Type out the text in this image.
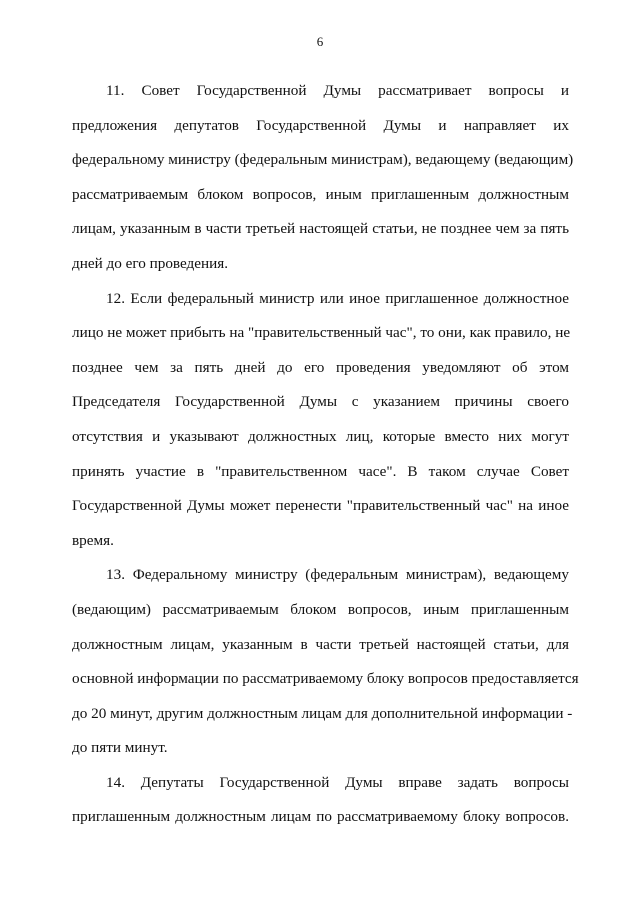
6
11. Совет Государственной Думы рассматривает вопросы и
предложения депутатов Государственной Думы и направляет их
федеральному министру (федеральным министрам), ведающему (ведающим)
рассматриваемым блоком вопросов, иным приглашенным должностным
лицам, указанным в части третьей настоящей статьи, не позднее чем за пять
дней до его проведения.
12. Если федеральный министр или иное приглашенное должностное
лицо не может прибыть на "правительственный час", то они, как правило, не
позднее чем за пять дней до его проведения уведомляют об этом
Председателя Государственной Думы с указанием причины своего
отсутствия и указывают должностных лиц, которые вместо них могут
принять участие в "правительственном часе". В таком случае Совет
Государственной Думы может перенести "правительственный час" на иное
время.
13. Федеральному министру (федеральным министрам), ведающему
(ведающим) рассматриваемым блоком вопросов, иным приглашенным
должностным лицам, указанным в части третьей настоящей статьи, для
основной информации по рассматриваемому блоку вопросов предоставляется
до 20 минут, другим должностным лицам для дополнительной информации -
до пяти минут.
14. Депутаты Государственной Думы вправе задать вопросы
приглашенным должностным лицам по рассматриваемому блоку вопросов.
